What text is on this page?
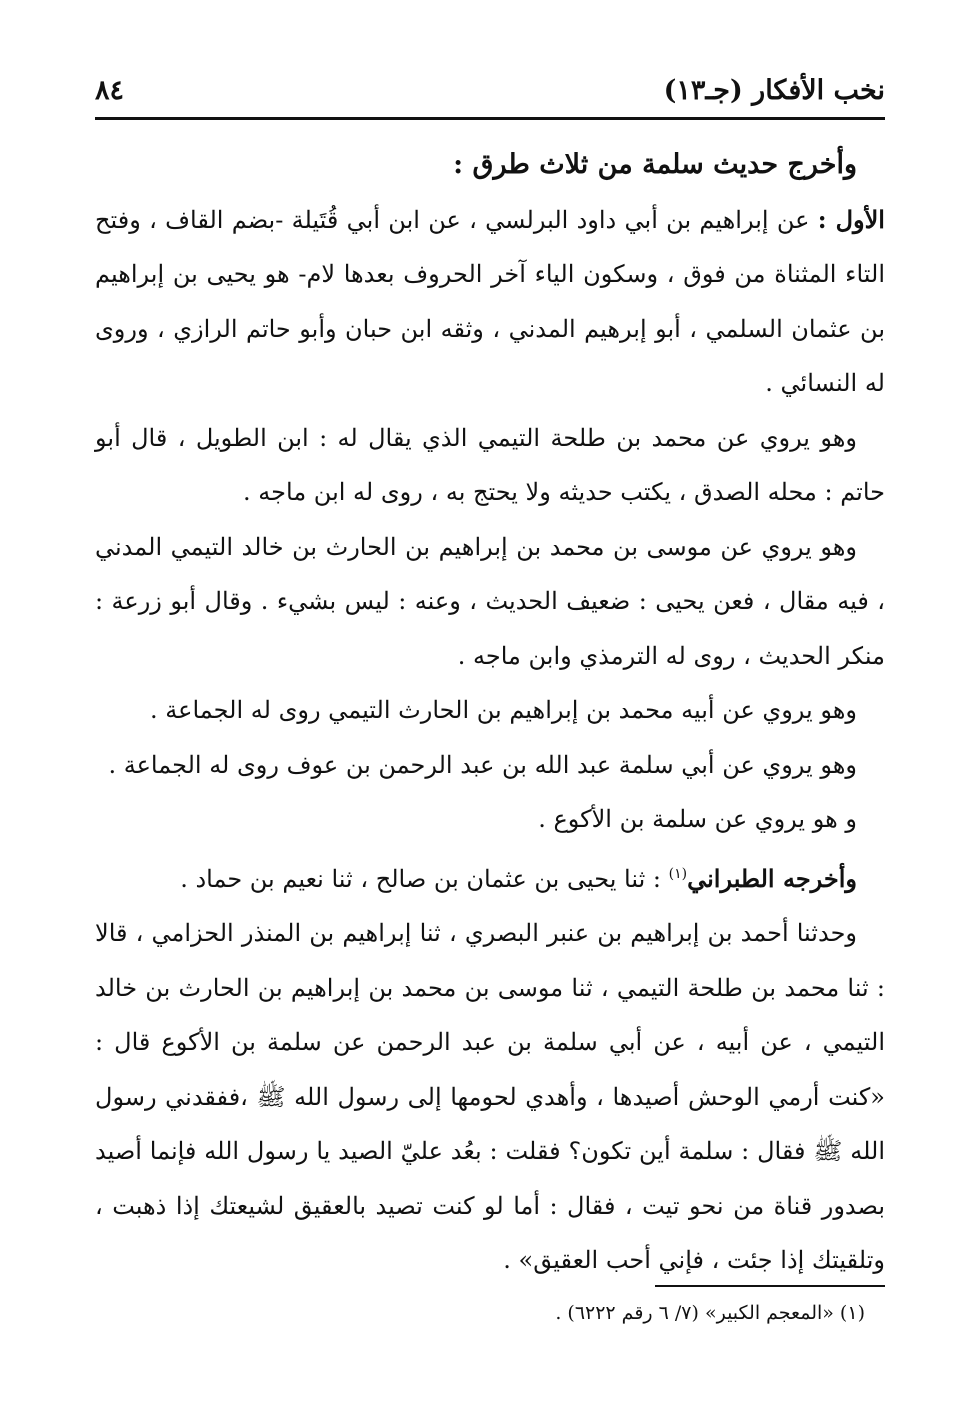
نخب الأفكار (جـ١٣)
٨٤

وأخرج حديث سلمة من ثلاث طرق :

الأول : عن إبراهيم بن أبي داود البرلسي ، عن ابن أبي قُتَيلة -بضم القاف ، وفتح التاء المثناة من فوق ، وسكون الياء آخر الحروف بعدها لام- هو يحيى بن إبراهيم بن عثمان السلمي ، أبو إبرهيم المدني ، وثقه ابن حبان وأبو حاتم الرازي ، وروى له النسائي .

وهو يروي عن محمد بن طلحة التيمي الذي يقال له : ابن الطويل ، قال أبو حاتم : محله الصدق ، يكتب حديثه ولا يحتج به ، روى له ابن ماجه .

وهو يروي عن موسى بن محمد بن إبراهيم بن الحارث بن خالد التيمي المدني ، فيه مقال ، فعن يحيى : ضعيف الحديث ، وعنه : ليس بشيء . وقال أبو زرعة : منكر الحديث ، روى له الترمذي وابن ماجه .

وهو يروي عن أبيه محمد بن إبراهيم بن الحارث التيمي روى له الجماعة .

وهو يروي عن أبي سلمة عبد الله بن عبد الرحمن بن عوف روى له الجماعة .

و هو يروي عن سلمة بن الأكوع .

وأخرجه الطبراني$^{(١)}$ : ثنا يحيى بن عثمان بن صالح ، ثنا نعيم بن حماد .

وحدثنا أحمد بن إبراهيم بن عنبر البصري ، ثنا إبراهيم بن المنذر الحزامي ، قالا : ثنا محمد بن طلحة التيمي ، ثنا موسى بن محمد بن إبراهيم بن الحارث بن خالد التيمي ، عن أبيه ، عن أبي سلمة بن عبد الرحمن عن سلمة بن الأكوع قال : «كنت أرمي الوحش أصيدها ، وأهدي لحومها إلى رسول الله ﷺ ،ففقدني رسول الله ﷺ فقال : سلمة أين تكون؟ فقلت : بعُد عليّ الصيد يا رسول الله فإنما أصيد بصدور قناة من نحو تيت ، فقال : أما لو كنت تصيد بالعقيق لشيعتك إذا ذهبت ، وتلقيتك إذا جئت ، فإني أحب العقيق» .

(١) «المعجم الكبير» (٧/ ٦ رقم ٦٢٢٢) .
